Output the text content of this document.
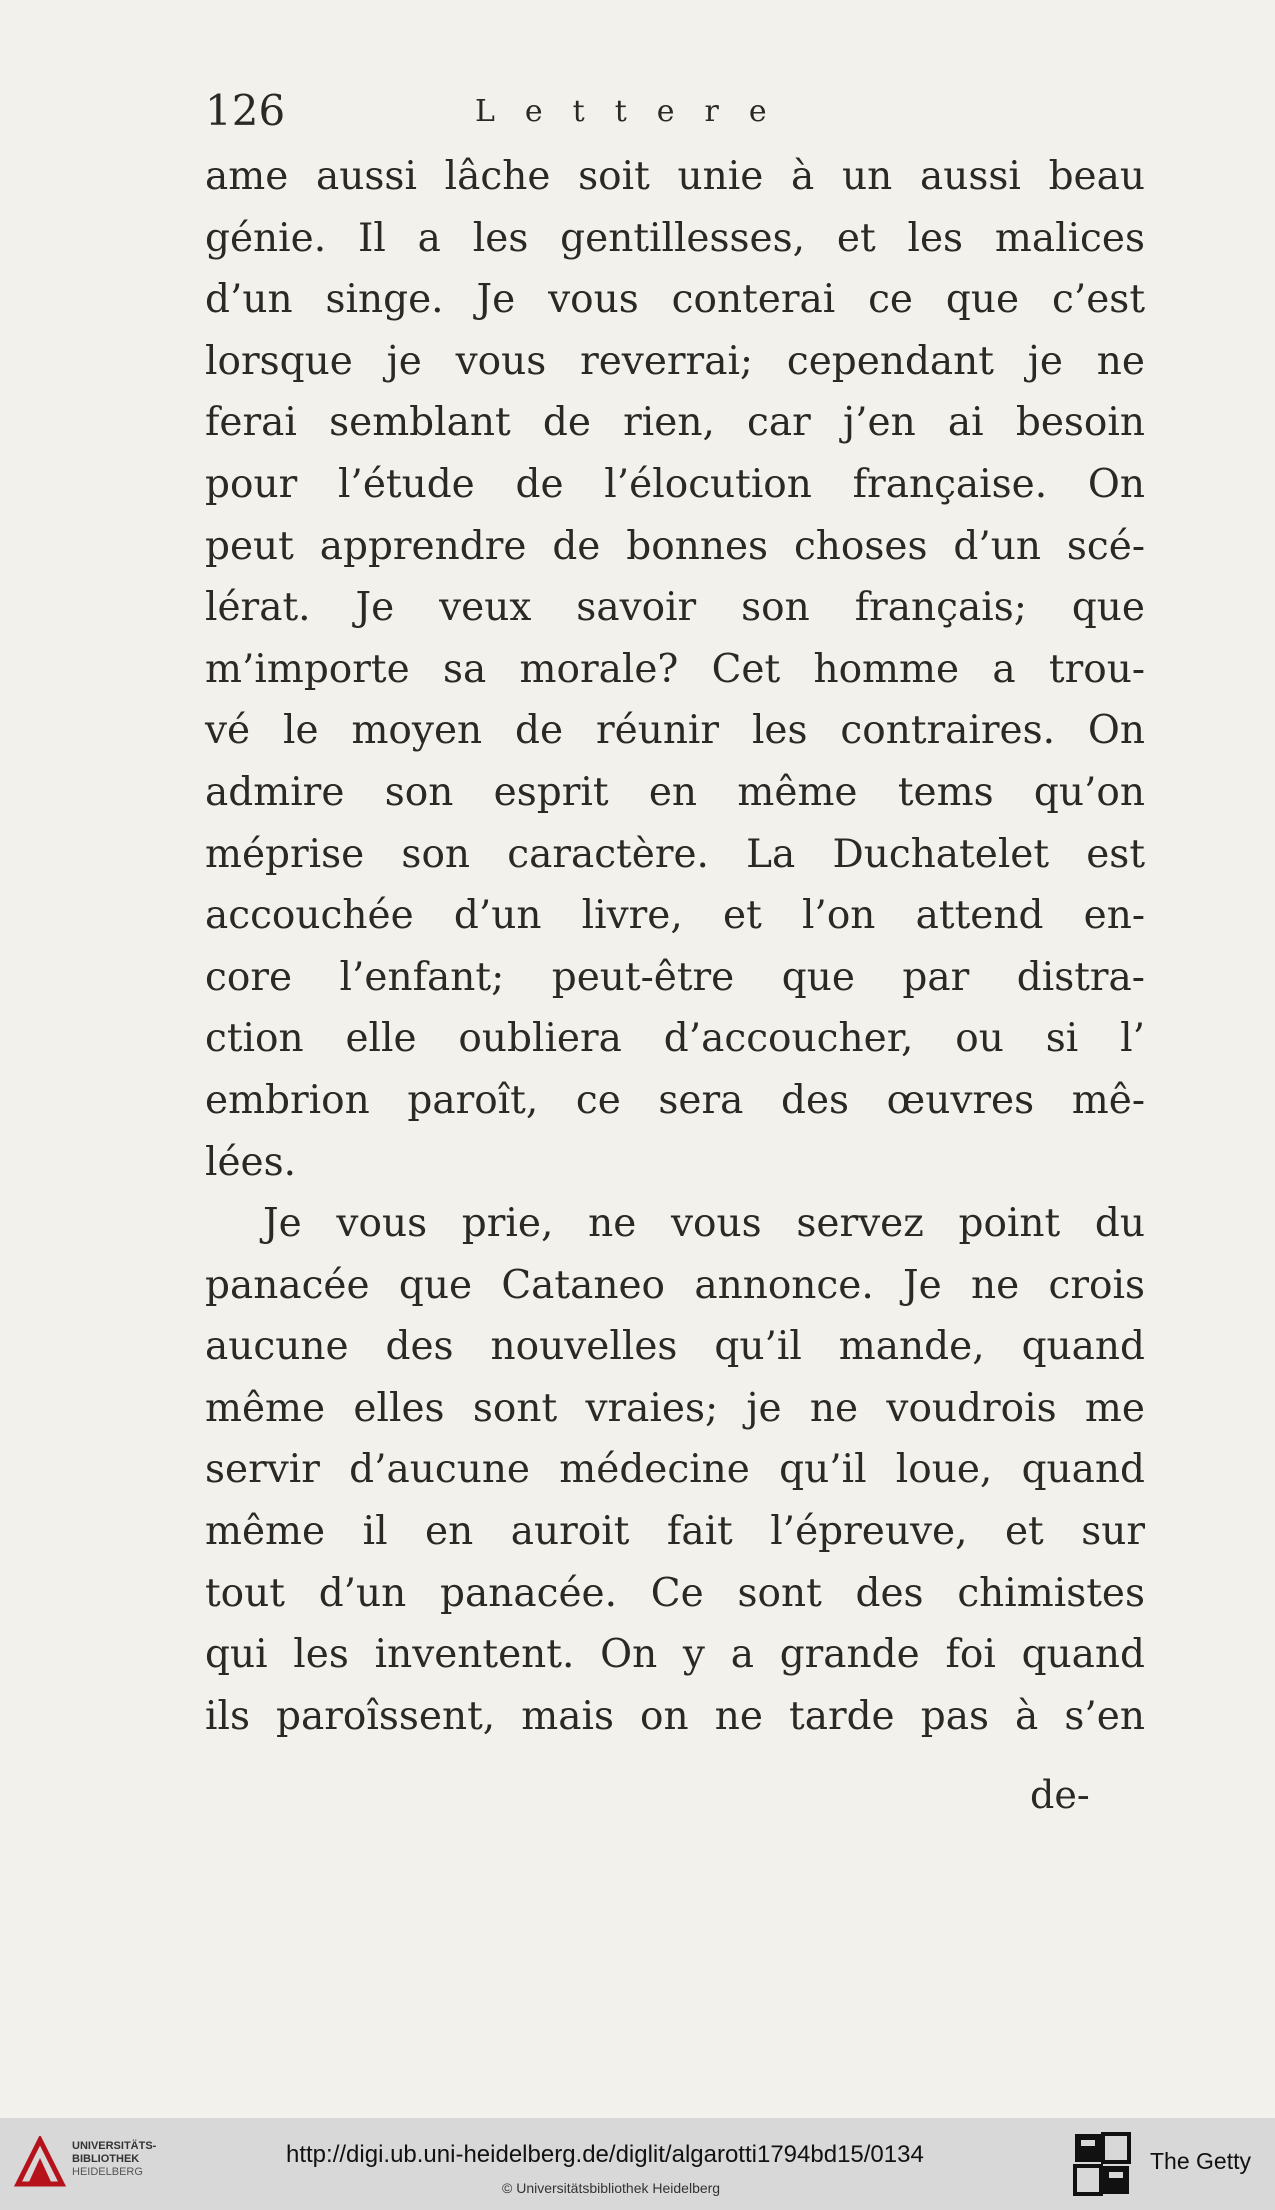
126	Lettere
ame aussi lâche soit unie à un aussi beau
génie. Il a les gentillesses, et les malices
d’un singe. Je vous conterai ce que c’est
lorsque je vous reverrai; cependant je ne
ferai semblant de rien, car j’en ai besoin
pour l’étude de l’élocution française. On
peut apprendre de bonnes choses d’un scé-
lérat. Je veux savoir son français; que
m’importe sa morale? Cet homme a trou-
vé le moyen de réunir les contraires. On
admire son esprit en même tems qu’on
méprise son caractère. La Duchatelet est
accouchée d’un livre, et l’on attend en-
core l’enfant; peut-être que par distra-
ction elle oubliera d’accoucher, ou si l’
embrion paroît, ce sera des œuvres mê-
lées.
Je vous prie, ne vous servez point du
panacée que Cataneo annonce. Je ne crois
aucune des nouvelles qu’il mande, quand
même elles sont vraies; je ne voudrois me
servir d’aucune médecine qu’il loue, quand
même il en auroit fait l’épreuve, et sur
tout d’un panacée. Ce sont des chimistes
qui les inventent. On y a grande foi quand
ils paroîssent, mais on ne tarde pas à s’en
de-
UNIVERSITÄTS-
BIBLIOTHEK
HEIDELBERG
http://digi.ub.uni-heidelberg.de/diglit/algarotti1794bd15/0134
© Universitätsbibliothek Heidelberg
The Getty
